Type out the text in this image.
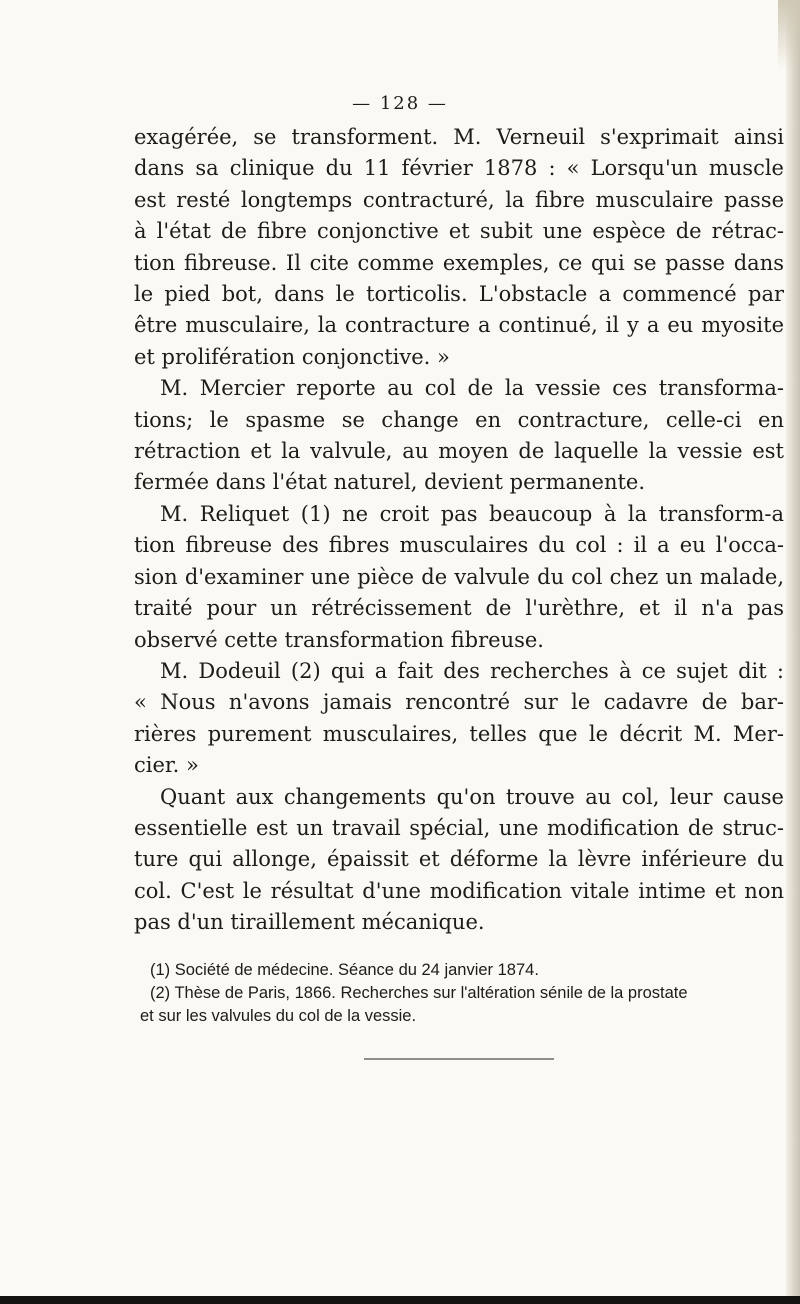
— 128 —
exagérée, se transforment. M. Verneuil s'exprimait ainsi
dans sa clinique du 11 février 1878 : « Lorsqu'un muscle
est resté longtemps contracturé, la fibre musculaire passe
à l'état de fibre conjonctive et subit une espèce de rétrac-
tion fibreuse. Il cite comme exemples, ce qui se passe dans
le pied bot, dans le torticolis. L'obstacle a commencé par
être musculaire, la contracture a continué, il y a eu myosite
et prolifération conjonctive. »
M. Mercier reporte au col de la vessie ces transforma-
tions; le spasme se change en contracture, celle-ci en
rétraction et la valvule, au moyen de laquelle la vessie est
fermée dans l'état naturel, devient permanente.
M. Reliquet (1) ne croit pas beaucoup à la transform-a
tion fibreuse des fibres musculaires du col : il a eu l'occa-
sion d'examiner une pièce de valvule du col chez un malade,
traité pour un rétrécissement de l'urèthre, et il n'a pas
observé cette transformation fibreuse.
M. Dodeuil (2) qui a fait des recherches à ce sujet dit :
« Nous n'avons jamais rencontré sur le cadavre de bar-
rières purement musculaires, telles que le décrit M. Mer-
cier. »
Quant aux changements qu'on trouve au col, leur cause
essentielle est un travail spécial, une modification de struc-
ture qui allonge, épaissit et déforme la lèvre inférieure du
col. C'est le résultat d'une modification vitale intime et non
pas d'un tiraillement mécanique.
(1) Société de médecine. Séance du 24 janvier 1874.
(2) Thèse de Paris, 1866. Recherches sur l'altération sénile de la prostate
et sur les valvules du col de la vessie.
